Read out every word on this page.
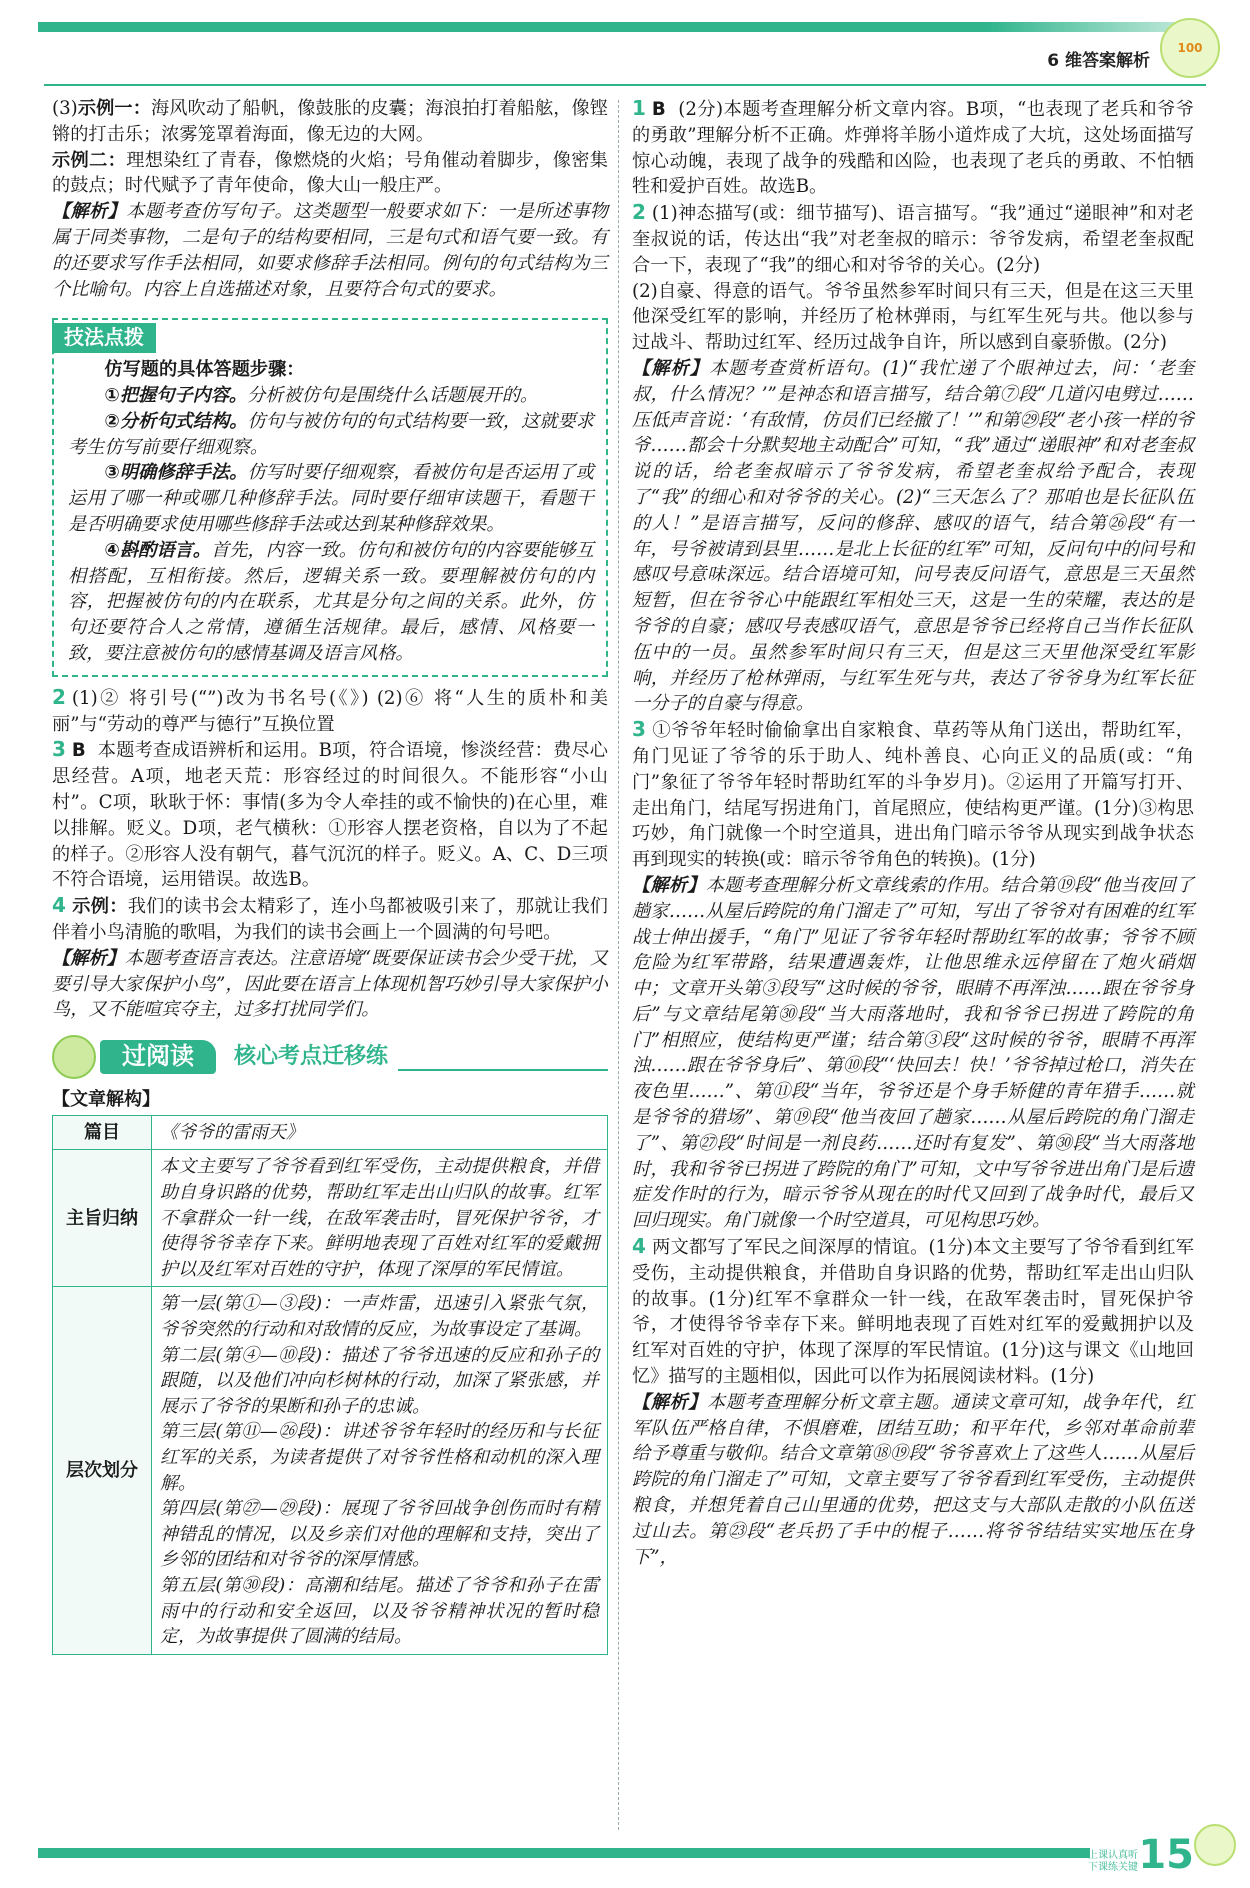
6 维答案解析
100

(3)示例一：海风吹动了船帆，像鼓胀的皮囊；海浪拍打着船舷，像铿锵的打击乐；浓雾笼罩着海面，像无边的大网。

示例二：理想染红了青春，像燃烧的火焰；号角催动着脚步，像密集的鼓点；时代赋予了青年使命，像大山一般庄严。

【解析】本题考查仿写句子。这类题型一般要求如下：一是所述事物属于同类事物，二是句子的结构要相同，三是句式和语气要一致。有的还要求写作手法相同，如要求修辞手法相同。例句的句式结构为三个比喻句。内容上自选描述对象，且要符合句式的要求。

技法点拨

仿写题的具体答题步骤：

①把握句子内容。分析被仿句是围绕什么话题展开的。

②分析句式结构。仿句与被仿句的句式结构要一致，这就要求考生仿写前要仔细观察。

③明确修辞手法。仿写时要仔细观察，看被仿句是否运用了或运用了哪一种或哪几种修辞手法。同时要仔细审读题干，看题干是否明确要求使用哪些修辞手法或达到某种修辞效果。

④斟酌语言。首先，内容一致。仿句和被仿句的内容要能够互相搭配，互相衔接。然后，逻辑关系一致。要理解被仿句的内容，把握被仿句的内在联系，尤其是分句之间的关系。此外，仿句还要符合人之常情，遵循生活规律。最后，感情、风格要一致，要注意被仿句的感情基调及语言风格。

2 (1)② 将引号(“”)改为书名号(《》) (2)⑥ 将“人生的质朴和美丽”与“劳动的尊严与德行”互换位置

3 B 本题考查成语辨析和运用。B项，符合语境，惨淡经营：费尽心思经营。A项，地老天荒：形容经过的时间很久。不能形容“小山村”。C项，耿耿于怀：事情(多为令人牵挂的或不愉快的)在心里，难以排解。贬义。D项，老气横秋：①形容人摆老资格，自以为了不起的样子。②形容人没有朝气，暮气沉沉的样子。贬义。A、C、D三项不符合语境，运用错误。故选B。

4 示例：我们的读书会太精彩了，连小鸟都被吸引来了，那就让我们伴着小鸟清脆的歌唱，为我们的读书会画上一个圆满的句号吧。

【解析】本题考查语言表达。注意语境“既要保证读书会少受干扰，又要引导大家保护小鸟”，因此要在语言上体现机智巧妙引导大家保护小鸟，又不能喧宾夺主，过多打扰同学们。

过阅读	核心考点迁移练
【文章解构】
篇目	《爷爷的雷雨天》
主旨归纳	本文主要写了爷爷看到红军受伤，主动提供粮食，并借助自身识路的优势，帮助红军走出山归队的故事。红军不拿群众一针一线，在敌军袭击时，冒死保护爷爷，才使得爷爷幸存下来。鲜明地表现了百姓对红军的爱戴拥护以及红军对百姓的守护，体现了深厚的军民情谊。
层次划分	第一层(第①—③段)：一声炸雷，迅速引入紧张气氛，爷爷突然的行动和对敌情的反应，为故事设定了基调。

第二层(第④—⑩段)：描述了爷爷迅速的反应和孙子的跟随，以及他们冲向杉树林的行动，加深了紧张感，并展示了爷爷的果断和孙子的忠诚。

第三层(第⑪—㉖段)：讲述爷爷年轻时的经历和与长征红军的关系，为读者提供了对爷爷性格和动机的深入理解。

第四层(第㉗—㉙段)：展现了爷爷回战争创伤而时有精神错乱的情况，以及乡亲们对他的理解和支持，突出了乡邻的团结和对爷爷的深厚情感。

第五层(第㉚段)：高潮和结尾。描述了爷爷和孙子在雷雨中的行动和安全返回，以及爷爷精神状况的暂时稳定，为故事提供了圆满的结局。

1 B (2分)本题考查理解分析文章内容。B项，“也表现了老兵和爷爷的勇敢”理解分析不正确。炸弹将羊肠小道炸成了大坑，这处场面描写惊心动魄，表现了战争的残酷和凶险，也表现了老兵的勇敢、不怕牺牲和爱护百姓。故选B。

2 (1)神态描写(或：细节描写)、语言描写。“我”通过“递眼神”和对老奎叔说的话，传达出“我”对老奎叔的暗示：爷爷发病，希望老奎叔配合一下，表现了“我”的细心和对爷爷的关心。(2分)

(2)自豪、得意的语气。爷爷虽然参军时间只有三天，但是在这三天里他深受红军的影响，并经历了枪林弹雨，与红军生死与共。他以参与过战斗、帮助过红军、经历过战争自许，所以感到自豪骄傲。(2分)

【解析】本题考查赏析语句。(1)“我忙递了个眼神过去，问：‘老奎叔，什么情况？’”是神态和语言描写，结合第⑦段“几道闪电劈过……压低声音说：‘有敌情，仿员们已经撤了！’”和第㉙段“老小孩一样的爷爷……都会十分默契地主动配合”可知，“我”通过“递眼神”和对老奎叔说的话，给老奎叔暗示了爷爷发病，希望老奎叔给予配合，表现了“我”的细心和对爷爷的关心。(2)“三天怎么了？那咱也是长征队伍的人！”是语言描写，反问的修辞、感叹的语气，结合第㉖段“有一年，号爷被请到县里……是北上长征的红军”可知，反问句中的问号和感叹号意味深远。结合语境可知，问号表反问语气，意思是三天虽然短暂，但在爷爷心中能跟红军相处三天，这是一生的荣耀，表达的是爷爷的自豪；感叹号表感叹语气，意思是爷爷已经将自己当作长征队伍中的一员。虽然参军时间只有三天，但是这三天里他深受红军影响，并经历了枪林弹雨，与红军生死与共，表达了爷爷身为红军长征一分子的自豪与得意。

3 ①爷爷年轻时偷偷拿出自家粮食、草药等从角门送出，帮助红军，角门见证了爷爷的乐于助人、纯朴善良、心向正义的品质(或：“角门”象征了爷爷年轻时帮助红军的斗争岁月)。②运用了开篇写打开、走出角门，结尾写拐进角门，首尾照应，使结构更严谨。(1分)③构思巧妙，角门就像一个时空道具，进出角门暗示爷爷从现实到战争状态再到现实的转换(或：暗示爷爷角色的转换)。(1分)

【解析】本题考查理解分析文章线索的作用。结合第⑲段“他当夜回了趟家……从屋后跨院的角门溜走了”可知，写出了爷爷对有困难的红军战士伸出援手，“角门”见证了爷爷年轻时帮助红军的故事；爷爷不顾危险为红军带路，结果遭遇轰炸，让他思维永远停留在了炮火硝烟中；文章开头第③段写“这时候的爷爷，眼睛不再浑浊……跟在爷爷身后”与文章结尾第㉚段“当大雨落地时，我和爷爷已拐进了跨院的角门”相照应，使结构更严谨；结合第③段“这时候的爷爷，眼睛不再浑浊……跟在爷爷身后”、第⑩段“‘快回去！快！’爷爷掉过枪口，消失在夜色里……”、第⑪段“当年，爷爷还是个身手矫健的青年猎手……就是爷爷的猎场”、第⑲段“他当夜回了趟家……从屋后跨院的角门溜走了”、第㉗段“时间是一剂良药……还时有复发”、第㉚段“当大雨落地时，我和爷爷已拐进了跨院的角门”可知，文中写爷爷进出角门是后遗症发作时的行为，暗示爷爷从现在的时代又回到了战争时代，最后又回归现实。角门就像一个时空道具，可见构思巧妙。

4 两文都写了军民之间深厚的情谊。(1分)本文主要写了爷爷看到红军受伤，主动提供粮食，并借助自身识路的优势，帮助红军走出山归队的故事。(1分)红军不拿群众一针一线，在敌军袭击时，冒死保护爷爷，才使得爷爷幸存下来。鲜明地表现了百姓对红军的爱戴拥护以及红军对百姓的守护，体现了深厚的军民情谊。(1分)这与课文《山地回忆》描写的主题相似，因此可以作为拓展阅读材料。(1分)

【解析】本题考查理解分析文章主题。通读文章可知，战争年代，红军队伍严格自律，不惧磨难，团结互助；和平年代，乡邻对革命前辈给予尊重与敬仰。结合文章第⑱⑲段“爷爷喜欢上了这些人……从屋后跨院的角门溜走了”可知，文章主要写了爷爷看到红军受伤，主动提供粮食，并想凭着自己山里通的优势，把这支与大部队走散的小队伍送过山去。第㉓段“老兵扔了手中的棍子……将爷爷结结实实地压在身下”，

上课认真听
下课练关键 15
